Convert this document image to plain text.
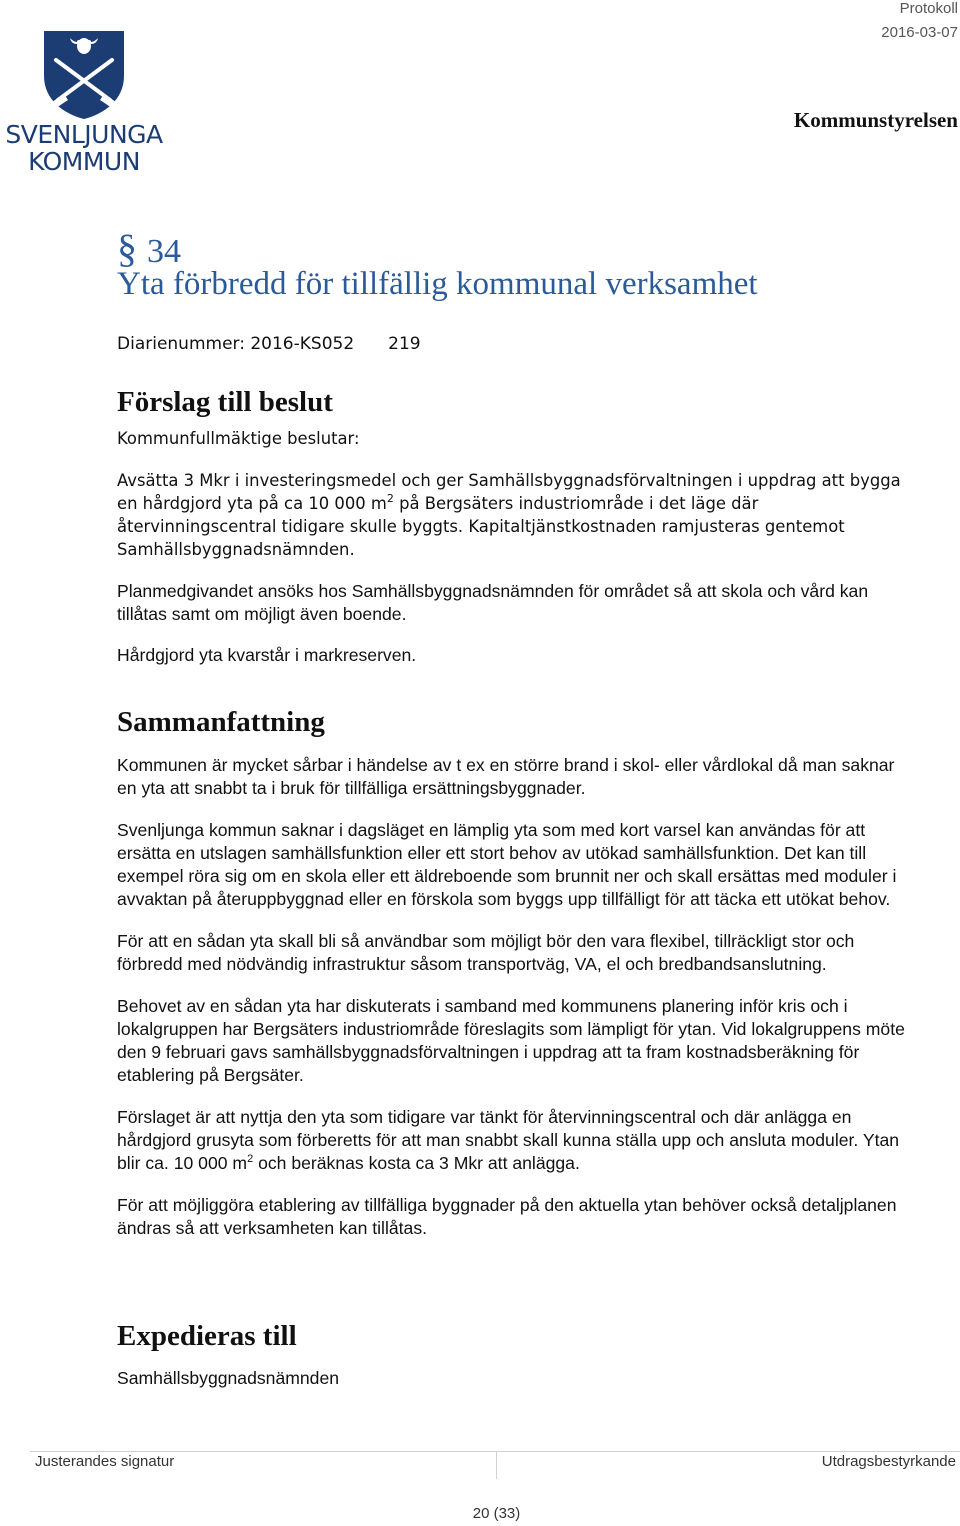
Protokoll
2016-03-07
Kommunstyrelsen
SVENLJUNGA
KOMMUN
§ 34
Yta förbredd för tillfällig kommunal verksamhet
Diarienummer: 2016-KS052 219
Förslag till beslut

Kommunfullmäktige beslutar:

Avsätta 3 Mkr i investeringsmedel och ger Samhällsbyggnadsförvaltningen i uppdrag att bygga en hårdgjord yta på ca 10 000 $m^2$ på Bergsäters industriområde i det läge där återvinningscentral tidigare skulle byggts. Kapitaltjänstkostnaden ramjusteras gentemot Samhällsbyggnadsnämnden.

Planmedgivandet ansöks hos Samhällsbyggnadsnämnden för området så att skola och vård kan tillåtas samt om möjligt även boende.

Hårdgjord yta kvarstår i markreserven.

Sammanfattning

Kommunen är mycket sårbar i händelse av t ex en större brand i skol- eller vårdlokal då man saknar en yta att snabbt ta i bruk för tillfälliga ersättningsbyggnader.

Svenljunga kommun saknar i dagsläget en lämplig yta som med kort varsel kan användas för att ersätta en utslagen samhällsfunktion eller ett stort behov av utökad samhällsfunktion. Det kan till exempel röra sig om en skola eller ett äldreboende som brunnit ner och skall ersättas med moduler i avvaktan på återuppbyggnad eller en förskola som byggs upp tillfälligt för att täcka ett utökat behov.

För att en sådan yta skall bli så användbar som möjligt bör den vara flexibel, tillräckligt stor och förbredd med nödvändig infrastruktur såsom transportväg, VA, el och bredbandsanslutning.

Behovet av en sådan yta har diskuterats i samband med kommunens planering inför kris och i lokalgruppen har Bergsäters industriområde föreslagits som lämpligt för ytan. Vid lokalgruppens möte den 9 februari gavs samhällsbyggnadsförvaltningen i uppdrag att ta fram kostnadsberäkning för etablering på Bergsäter.

Förslaget är att nyttja den yta som tidigare var tänkt för återvinningscentral och där anlägga en hårdgjord grusyta som förberetts för att man snabbt skall kunna ställa upp och ansluta moduler. Ytan blir ca. 10 000 $m^2$ och beräknas kosta ca 3 Mkr att anlägga.

För att möjliggöra etablering av tillfälliga byggnader på den aktuella ytan behöver också detaljplanen ändras så att verksamheten kan tillåtas.

Expedieras till

Samhällsbyggnadsnämnden

Justerandes signatur	Utdragsbestyrkande
20 (33)
